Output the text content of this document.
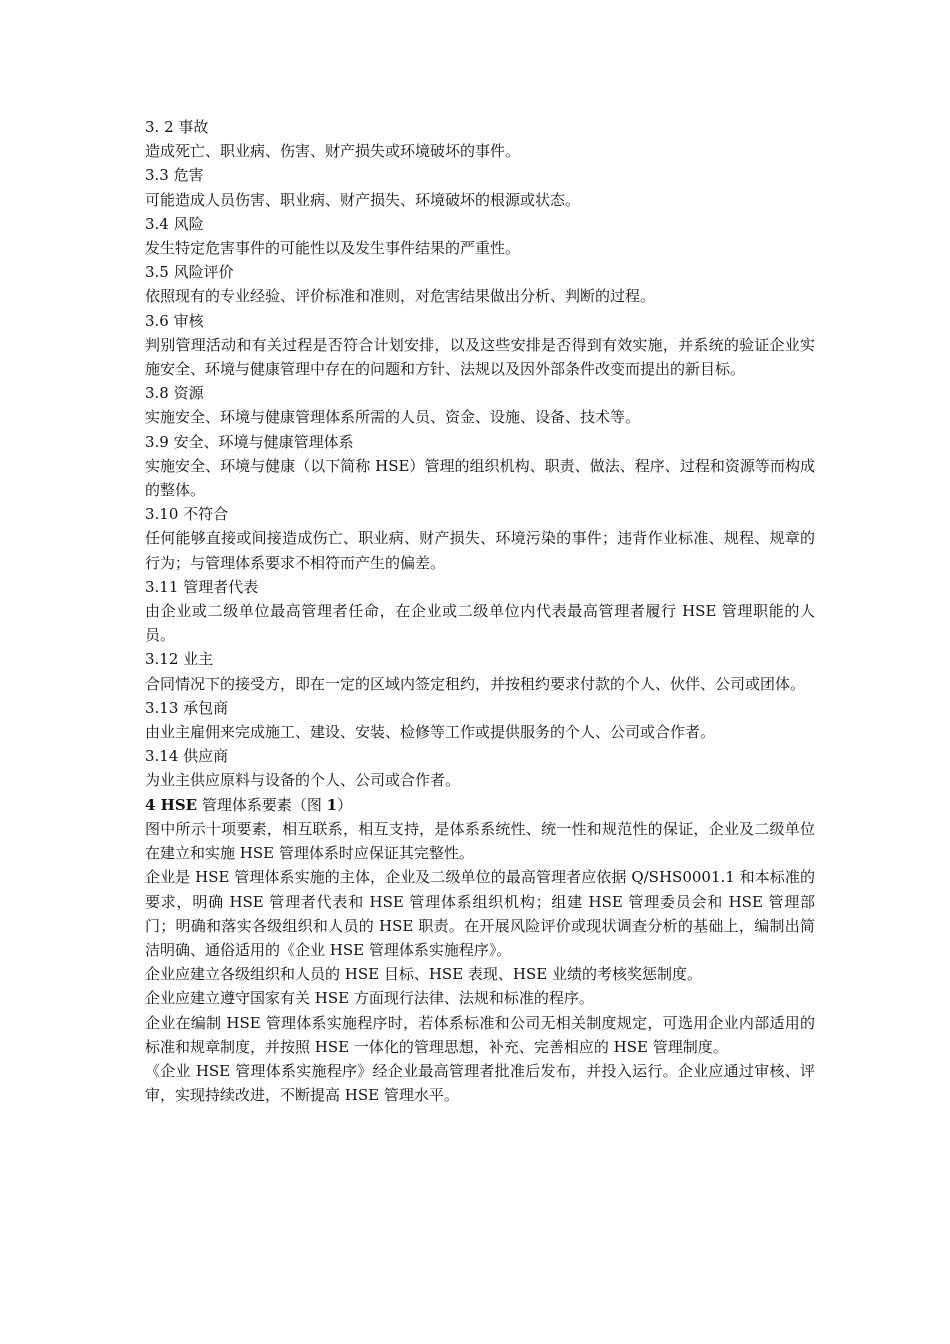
3. 2 事故
造成死亡、职业病、伤害、财产损失或环境破坏的事件。
3.3 危害
可能造成人员伤害、职业病、财产损失、环境破坏的根源或状态。
3.4 风险
发生特定危害事件的可能性以及发生事件结果的严重性。
3.5 风险评价
依照现有的专业经验、评价标准和准则，对危害结果做出分析、判断的过程。
3.6 审核
判别管理活动和有关过程是否符合计划安排，以及这些安排是否得到有效实施，并系统的验证企业实施安全、环境与健康管理中存在的问题和方针、法规以及因外部条件改变而提出的新目标。
3.8 资源
实施安全、环境与健康管理体系所需的人员、资金、设施、设备、技术等。
3.9 安全、环境与健康管理体系
实施安全、环境与健康（以下简称 HSE）管理的组织机构、职责、做法、程序、过程和资源等而构成的整体。
3.10 不符合
任何能够直接或间接造成伤亡、职业病、财产损失、环境污染的事件；违背作业标准、规程、规章的行为；与管理体系要求不相符而产生的偏差。
3.11 管理者代表
由企业或二级单位最高管理者任命，在企业或二级单位内代表最高管理者履行 HSE 管理职能的人员。
3.12 业主
合同情况下的接受方，即在一定的区域内签定租约，并按租约要求付款的个人、伙伴、公司或团体。
3.13 承包商
由业主雇佣来完成施工、建设、安装、检修等工作或提供服务的个人、公司或合作者。
3.14 供应商
为业主供应原料与设备的个人、公司或合作者。
4 HSE 管理体系要素（图 1）
图中所示十项要素，相互联系，相互支持，是体系系统性、统一性和规范性的保证，企业及二级单位在建立和实施 HSE 管理体系时应保证其完整性。
企业是 HSE 管理体系实施的主体，企业及二级单位的最高管理者应依据 Q/SHS0001.1 和本标准的要求，明确 HSE 管理者代表和 HSE 管理体系组织机构；组建 HSE 管理委员会和 HSE 管理部门；明确和落实各级组织和人员的 HSE 职责。在开展风险评价或现状调查分析的基础上，编制出简洁明确、通俗适用的《企业 HSE 管理体系实施程序》。
企业应建立各级组织和人员的 HSE 目标、HSE 表现、HSE 业绩的考核奖惩制度。
企业应建立遵守国家有关 HSE 方面现行法律、法规和标准的程序。
企业在编制 HSE 管理体系实施程序时，若体系标准和公司无相关制度规定，可选用企业内部适用的标准和规章制度，并按照 HSE 一体化的管理思想，补充、完善相应的 HSE 管理制度。
《企业 HSE 管理体系实施程序》经企业最高管理者批准后发布，并投入运行。企业应通过审核、评审，实现持续改进，不断提高 HSE 管理水平。
